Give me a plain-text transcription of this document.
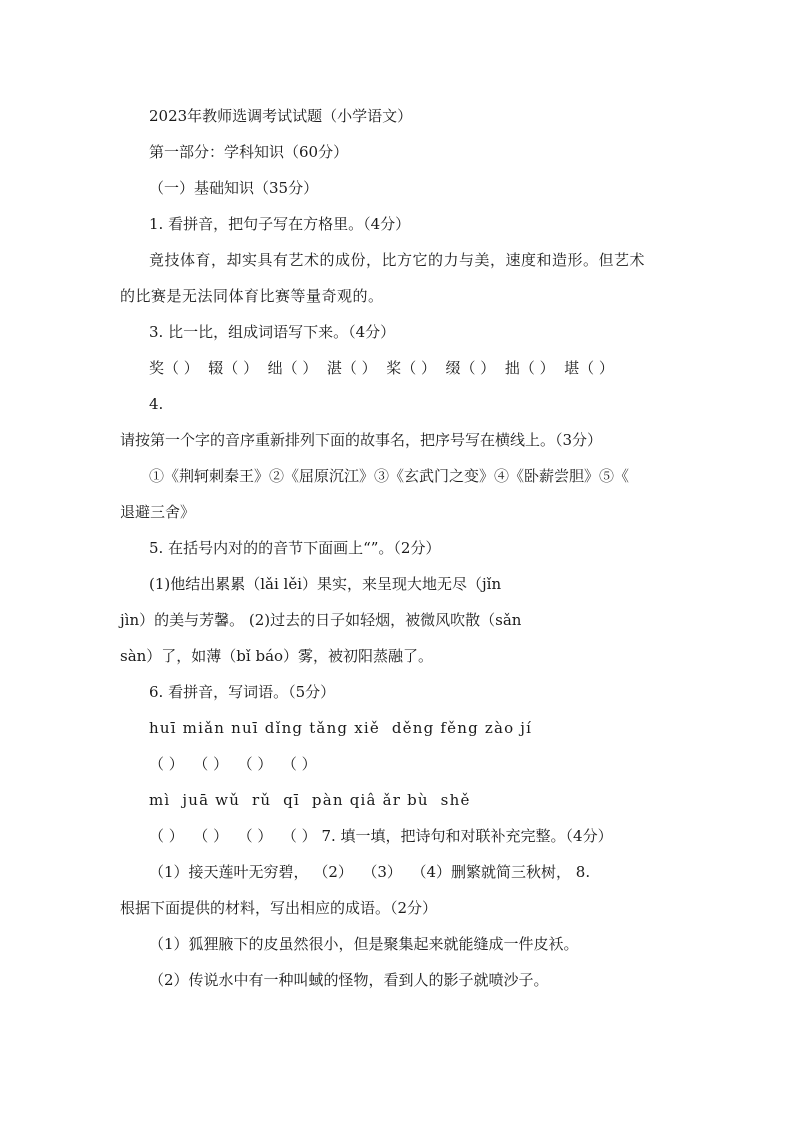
2023年教师选调考试试题（小学语文）
第一部分：学科知识（60分）
（一）基础知识（35分）
1. 看拼音，把句子写在方格里。（4分）
竟技体育，却实具有艺术的成份，比方它的力与美，速度和造形。但艺术
的比赛是无法同体育比赛等量奇观的。
3. 比一比，组成词语写下来。（4分）
奖（ ）  辍（ ）  绌（ ）  湛（ ）  桨（ ）  缀（ ）  拙（ ）  堪（ ）
4.
请按第一个字的音序重新排列下面的故事名，把序号写在横线上。（3分）
①《荆轲刺秦王》②《屈原沉江》③《玄武门之变》④《卧薪尝胆》⑤《
退避三舍》
5. 在括号内对的的音节下面画上“”。（2分）
(1)他结出累累（lǎi lěi）果实，来呈现大地无尽（jǐn
jìn）的美与芳馨。 (2)过去的日子如轻烟，被微风吹散（sǎn
sàn）了，如薄（bǐ báo）雾，被初阳蒸融了。
6. 看拼音，写词语。（5分）
huī miǎn nuī dǐng tǎng xiě  děng fěng zào jí
（ ）  （ ）  （ ）  （ ）
mì  juā wǔ  rǔ  qī  pàn qiâ ǎr bù  shě
（ ）  （ ）  （ ）  （ ） 7. 填一填，把诗句和对联补充完整。（4分）
（1）接天莲叶无穷碧， （2）  （3）  （4）删繁就简三秋树， 8.
根据下面提供的材料，写出相应的成语。（2分）
（1）狐狸腋下的皮虽然很小，但是聚集起来就能缝成一件皮袄。
（2）传说水中有一种叫蜮的怪物，看到人的影子就喷沙子。
